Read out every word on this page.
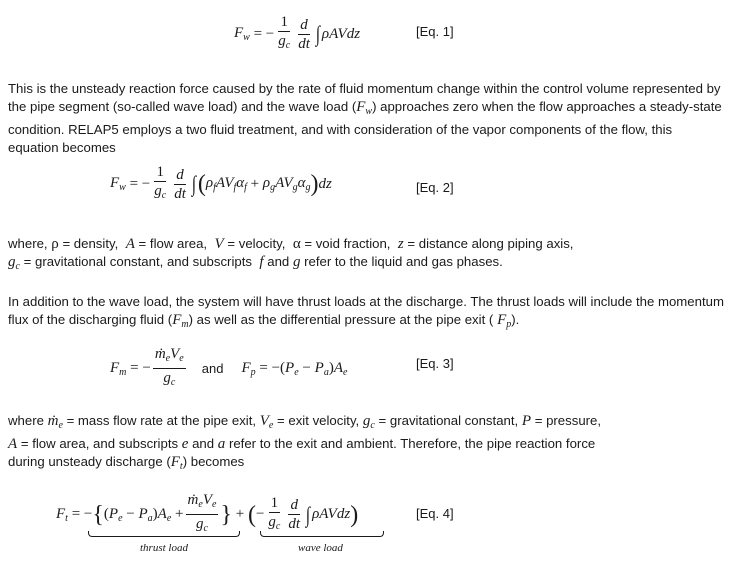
$F_w$ = − $\frac{1}{g_c} \frac{d}{dt}$ ∫ ρAVdz	[Eq. 1]
This is the unsteady reaction force caused by the rate of fluid momentum change within the control volume represented by the pipe segment (so-called wave load) and the wave load $(F_w)$ approaches zero when the flow approaches a steady-state condition. RELAP5 employs a two fluid treatment, and with consideration of the vapor components of the flow, this equation becomes
$F_w$ = − $\frac{1}{g_c} \frac{d}{dt}$ ∫ ( $\rho_fAV_f\alpha_f + \rho_gAV_g\alpha_g$ ) dz	[Eq. 2]
where, ρ = density,  A = flow area,  V = velocity,  α = void fraction,  z = distance along piping axis,
$g_c$ = gravitational constant, and subscripts  f and g refer to the liquid and gas phases.
In addition to the wave load, the system will have thrust loads at the discharge. The thrust loads will include the momentum flux of the discharging fluid $(F_m)$ as well as the differential pressure at the pipe exit ( $F_p$).
$F_m$ = − $\frac{ṁ_eV_e}{g_c}$ and $F_p$ = − ( $P_e - P_a$ ) $A_e$
[Eq. 3]
where ṁ$_e$ = mass flow rate at the pipe exit, $V_e$ = exit velocity, $g_c$ = gravitational constant, P = pressure,
A = flow area, and subscripts e and a refer to the exit and ambient. Therefore, the pipe reaction force
during unsteady discharge $(F_t)$ becomes
$F_t$ = − { ( $P_e - P_a$ ) $A_e + \frac{ṁ_eV_e}{g_c}$ } + ( − $\frac{1}{g_c} \frac{d}{dt}$ ∫ ρAVdz )	[Eq. 4]
thrust load	wave load
